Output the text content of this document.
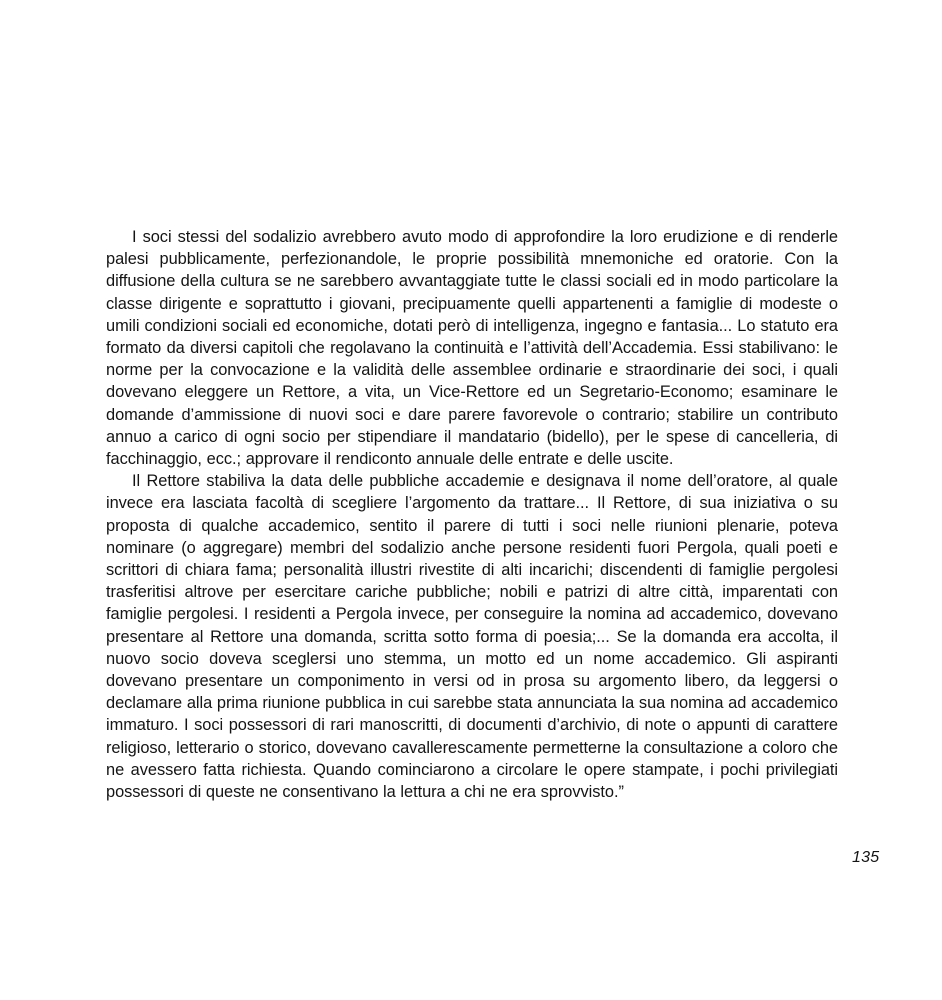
I soci stessi del sodalizio avrebbero avuto modo di approfondire la loro erudizione e di renderle palesi pubblicamente, perfezionandole, le proprie possibilità mnemoniche ed oratorie. Con la diffusione della cultura se ne sarebbero avvantaggiate tutte le classi sociali ed in modo particolare la classe dirigente e soprattutto i giovani, precipuamente quelli appartenenti a famiglie di modeste o umili condizioni sociali ed economiche, dotati però di intelligenza, ingegno e fantasia... Lo statuto era formato da diversi capitoli che regolavano la continuità e l’attività dell’Accademia. Essi stabilivano: le norme per la convocazione e la validità delle assemblee ordinarie e straordinarie dei soci, i quali dovevano eleggere un Rettore, a vita, un Vice-Rettore ed un Segretario-Economo; esaminare le domande d’ammissione di nuovi soci e dare parere favorevole o contrario; stabilire un contributo annuo a carico di ogni socio per stipendiare il mandatario (bidello), per le spese di cancelleria, di facchinaggio, ecc.; approvare il rendiconto annuale delle entrate e delle uscite.

Il Rettore stabiliva la data delle pubbliche accademie e designava il nome dell’oratore, al quale invece era lasciata facoltà di scegliere l’argomento da trattare... Il Rettore, di sua iniziativa o su proposta di qualche accademico, sentito il parere di tutti i soci nelle riunioni plenarie, poteva nominare (o aggregare) membri del sodalizio anche persone residenti fuori Pergola, quali poeti e scrittori di chiara fama; personalità illustri rivestite di alti incarichi; discendenti di famiglie pergolesi trasferitisi altrove per esercitare cariche pubbliche; nobili e patrizi di altre città, imparentati con famiglie pergolesi. I residenti a Pergola invece, per conseguire la nomina ad accademico, dovevano presentare al Rettore una domanda, scritta sotto forma di poesia;... Se la domanda era accolta, il nuovo socio doveva sceglersi uno stemma, un motto ed un nome accademico. Gli aspiranti dovevano presentare un componimento in versi od in prosa su argomento libero, da leggersi o declamare alla prima riunione pubblica in cui sarebbe stata annunciata la sua nomina ad accademico immaturo. I soci possessori di rari manoscritti, di documenti d’archivio, di note o appunti di carattere religioso, letterario o storico, dovevano cavallerescamente permetterne la consultazione a coloro che ne avessero fatta richiesta. Quando cominciarono a circolare le opere stampate, i pochi privilegiati possessori di queste ne consentivano la lettura a chi ne era sprovvisto.”

135
